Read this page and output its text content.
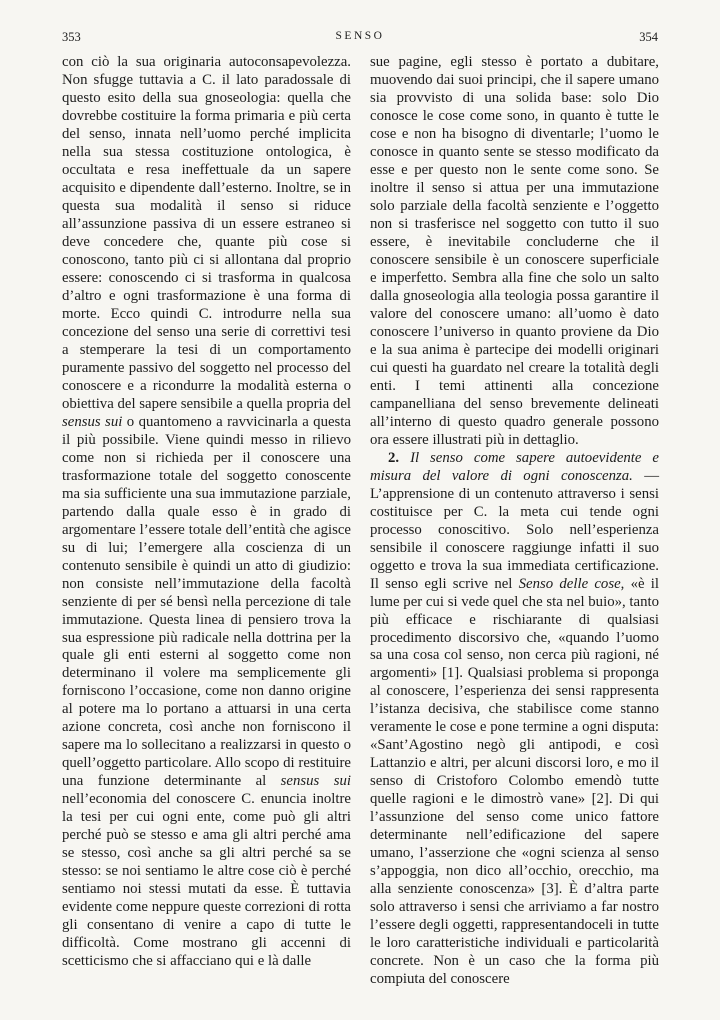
353	SENSO	354

con ciò la sua originaria autoconsapevolezza. Non sfugge tuttavia a C. il lato paradossale di questo esito della sua gnoseologia: quella che dovrebbe costituire la forma primaria e più certa del senso, innata nell’uomo perché implicita nella sua stessa costituzione ontologica, è occultata e resa ineffettuale da un sapere acquisito e dipendente dall’esterno. Inoltre, se in questa sua modalità il senso si riduce all’assunzione passiva di un essere estraneo si deve concedere che, quante più cose si conoscono, tanto più ci si allontana dal proprio essere: conoscendo ci si trasforma in qualcosa d’altro e ogni trasformazione è una forma di morte. Ecco quindi C. introdurre nella sua concezione del senso una serie di correttivi tesi a stemperare la tesi di un comportamento puramente passivo del soggetto nel processo del conoscere e a ricondurre la modalità esterna o obiettiva del sapere sensibile a quella propria del sensus sui o quantomeno a ravvicinarla a questa il più possibile. Viene quindi messo in rilievo come non si richieda per il conoscere una trasformazione totale del soggetto conoscente ma sia sufficiente una sua immutazione parziale, partendo dalla quale esso è in grado di argomentare l’essere totale dell’entità che agisce su di lui; l’emergere alla coscienza di un contenuto sensibile è quindi un atto di giudizio: non consiste nell’immutazione della facoltà senziente di per sé bensì nella percezione di tale immutazione. Questa linea di pensiero trova la sua espressione più radicale nella dottrina per la quale gli enti esterni al soggetto come non determinano il volere ma semplicemente gli forniscono l’occasione, come non danno origine al potere ma lo portano a attuarsi in una certa azione concreta, così anche non forniscono il sapere ma lo sollecitano a realizzarsi in questo o quell’oggetto particolare. Allo scopo di restituire una funzione determinante al sensus sui nell’economia del conoscere C. enuncia inoltre la tesi per cui ogni ente, come può gli altri perché può se stesso e ama gli altri perché ama se stesso, così anche sa gli altri perché sa se stesso: se noi sentiamo le altre cose ciò è perché sentiamo noi stessi mutati da esse. È tuttavia evidente come neppure queste correzioni di rotta gli consentano di venire a capo di tutte le difficoltà. Come mostrano gli accenni di scetticismo che si affacciano qui e là dalle

sue pagine, egli stesso è portato a dubitare, muovendo dai suoi principi, che il sapere umano sia provvisto di una solida base: solo Dio conosce le cose come sono, in quanto è tutte le cose e non ha bisogno di diventarle; l’uomo le conosce in quanto sente se stesso modificato da esse e per questo non le sente come sono. Se inoltre il senso si attua per una immutazione solo parziale della facoltà senziente e l’oggetto non si trasferisce nel soggetto con tutto il suo essere, è inevitabile concluderne che il conoscere sensibile è un conoscere superficiale e imperfetto. Sembra alla fine che solo un salto dalla gnoseologia alla teologia possa garantire il valore del conoscere umano: all’uomo è dato conoscere l’universo in quanto proviene da Dio e la sua anima è partecipe dei modelli originari cui questi ha guardato nel creare la totalità degli enti. I temi attinenti alla concezione campanelliana del senso brevemente delineati all’interno di questo quadro generale possono ora essere illustrati più in dettaglio.

2. Il senso come sapere autoevidente e misura del valore di ogni conoscenza. — L’apprensione di un contenuto attraverso i sensi costituisce per C. la meta cui tende ogni processo conoscitivo. Solo nell’esperienza sensibile il conoscere raggiunge infatti il suo oggetto e trova la sua immediata certificazione. Il senso egli scrive nel Senso delle cose, «è il lume per cui si vede quel che sta nel buio», tanto più efficace e rischiarante di qualsiasi procedimento discorsivo che, «quando l’uomo sa una cosa col senso, non cerca più ragioni, né argomenti» [1]. Qualsiasi problema si proponga al conoscere, l’esperienza dei sensi rappresenta l’istanza decisiva, che stabilisce come stanno veramente le cose e pone termine a ogni disputa: «Sant’Agostino negò gli antipodi, e così Lattanzio e altri, per alcuni discorsi loro, e mo il senso di Cristoforo Colombo emendò tutte quelle ragioni e le dimostrò vane» [2]. Di qui l’assunzione del senso come unico fattore determinante nell’edificazione del sapere umano, l’asserzione che «ogni scienza al senso s’appoggia, non dico all’occhio, orecchio, ma alla senziente conoscenza» [3]. È d’altra parte solo attraverso i sensi che arriviamo a far nostro l’essere degli oggetti, rappresentandoceli in tutte le loro caratteristiche individuali e particolarità concrete. Non è un caso che la forma più compiuta del conoscere
